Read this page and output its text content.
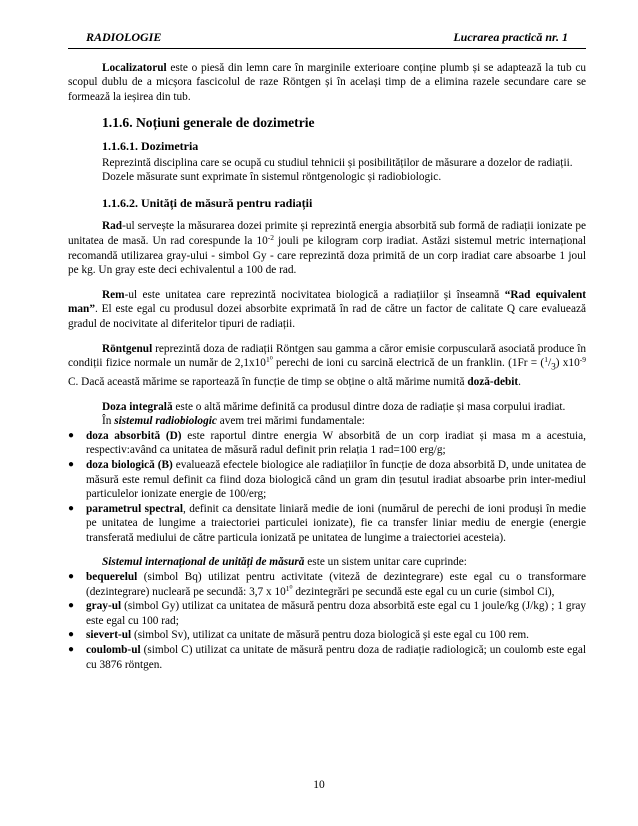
RADIOLOGIE	Lucrarea practică nr. 1

Localizatorul este o piesă din lemn care în marginile exterioare conține plumb și se adaptează la tub cu scopul dublu de a micșora fascicolul de raze Röntgen și în același timp de a elimina razele secundare care se formează la ieșirea din tub.

1.1.6. Noțiuni generale de dozimetrie
1.1.6.1. Dozimetria

Reprezintă disciplina care se ocupă cu studiul tehnicii și posibilităților de măsurare a dozelor de radiații.

Dozele măsurate sunt exprimate în sistemul röntgenologic și radiobiologic.

1.1.6.2. Unități de măsură pentru radiații

Rad-ul servește la măsurarea dozei primite și reprezintă energia absorbită sub formă de radiații ionizate pe unitatea de masă. Un rad corespunde la $10^{-2}$ jouli pe kilogram corp iradiat. Astăzi sistemul metric internațional recomandă utilizarea gray-ului - simbol Gy - care reprezintă doza primită de un corp iradiat care absoarbe 1 joul pe kg. Un gray este deci echivalentul a 100 de rad.

Rem-ul este unitatea care reprezintă nocivitatea biologică a radiațiilor și înseamnă “Rad equivalent man”. El este egal cu produsul dozei absorbite exprimată în rad de către un factor de calitate Q care evaluează gradul de nocivitate al diferitelor tipuri de radiații.

Röntgenul reprezintă doza de radiații Röntgen sau gamma a căror emisie corpusculară asociată produce în condiții fizice normale un număr de $2,1x10^{1^0}$ perechi de ioni cu sarcină electrică de un franklin. ($1Fr = (^1/_3)$ $x10^{-9}$ C. Dacă această mărime se raportează în funcție de timp se obține o altă mărime numită doză-debit.

Doza integrală este o altă mărime definită ca produsul dintre doza de radiație și masa corpului iradiat.

În sistemul radiobiologic avem trei mărimi fundamentale:

●	doza absorbită (D) este raportul dintre energia W absorbită de un corp iradiat și masa m a acestuia, respectiv:având ca unitatea de măsură radul definit prin relația 1 rad=100 erg/g;

●	doza biologică (B) evaluează efectele biologice ale radiațiilor în funcție de doza absorbită D, unde unitatea de măsură este remul definit ca fiind doza biologică când un gram din țesutul iradiat absoarbe prin inter-mediul particulelor ionizate energie de 100/erg;

●	parametrul spectral, definit ca densitate liniară medie de ioni (numărul de perechi de ioni produși în medie pe unitatea de lungime a traiectoriei particulei ionizate), fie ca transfer liniar mediu de energie (energie transferată mediului de către particula ionizată pe unitatea de lungime a traiectoriei acesteia).

Sistemul internațional de unități de măsură este un sistem unitar care cuprinde:

●	bequerelul (simbol Bq) utilizat pentru activitate (viteză de dezintegrare) este egal cu o transformare (dezintegrare) nucleară pe secundă: 3,7 x $10^{1^0}$ dezintegrări pe secundă este egal cu un curie (simbol Ci),

●	gray-ul (simbol Gy) utilizat ca unitatea de măsură pentru doza absorbită este egal cu 1 joule/kg (J/kg) ; 1 gray este egal cu 100 rad;

●	sievert-ul (simbol Sv), utilizat ca unitate de măsură pentru doza biologică și este egal cu 100 rem.

●	coulomb-ul (simbol C) utilizat ca unitate de măsură pentru doza de radiație radiologică; un coulomb este egal cu 3876 röntgen.

10
